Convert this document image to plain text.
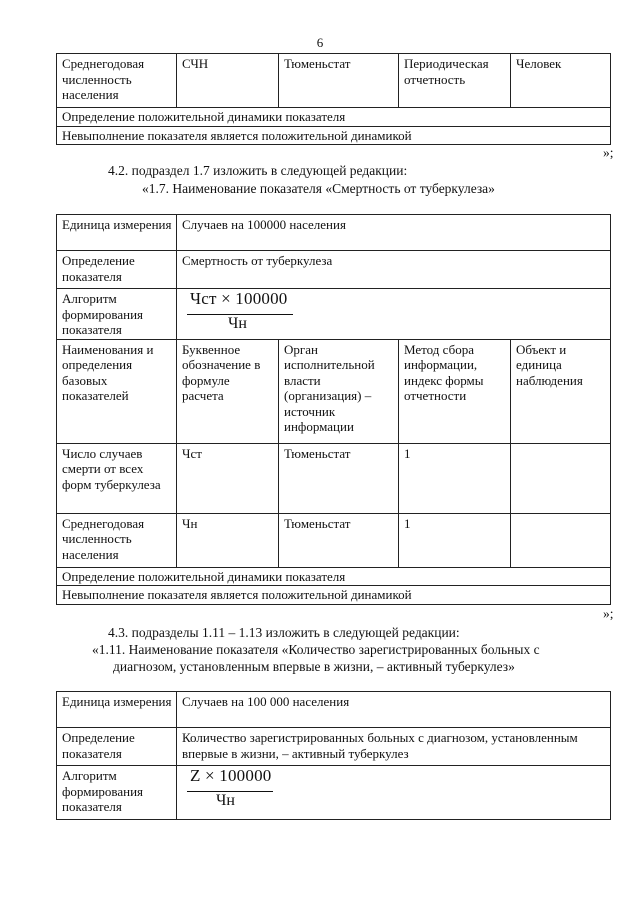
6
Среднегодовая численность населения	СЧН	Тюменьстат	Периодическая отчетность	Человек
Определение положительной динамики показателя
Невыполнение показателя является положительной динамикой
»;
4.2. подраздел 1.7 изложить в следующей редакции:
«1.7. Наименование показателя «Смертность от туберкулеза»
Единица измерения	Случаев на 100000 населения			
Определение показателя	Смертность от туберкулеза			
Алгоритм формирования показателя	Чст × 100000
Чн			

Наименования и определения базовых показателей	Буквенное обозначение в формуле расчета	Орган исполнительной власти (организация) – источник информации	Метод сбора информации, индекс формы отчетности	Объект и единица наблюдения
Число случаев смерти от всех форм туберкулеза	Чст	Тюменьстат	1	
Среднегодовая численность населения	Чн	Тюменьстат	1	
Определение положительной динамики показателя				
Невыполнение показателя является положительной динамикой				
»;
4.3. подразделы 1.11 – 1.13 изложить в следующей редакции:
«1.11. Наименование показателя «Количество зарегистрированных больных с
диагнозом, установленным впервые в жизни, – активный туберкулез»
Единица измерения	Случаев на 100 000 населения
Определение показателя	Количество зарегистрированных больных с диагнозом, установленным впервые в жизни, – активный туберкулез
Алгоритм формирования показателя	Z × 100000
Чн
